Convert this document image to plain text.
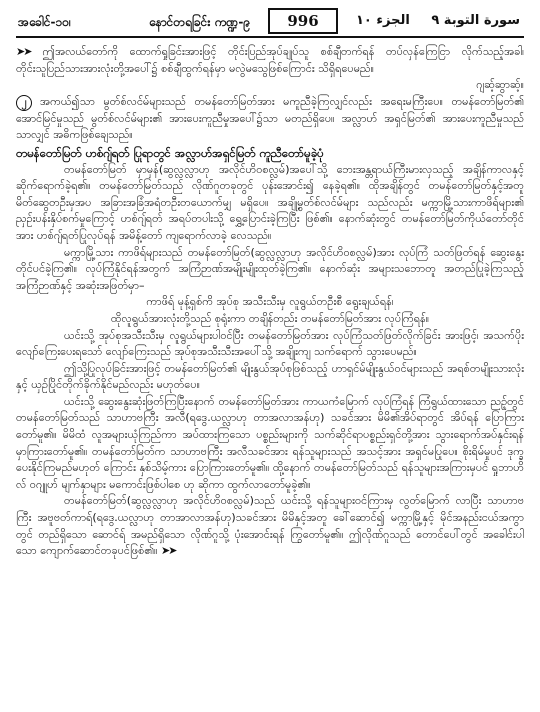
အခေါင်-၁၀၊	နောင်တရခြင်း ကဏ္ဍ-၉	996	الجزء ١٠ سورة التوبة ٩

➤➤ ဤအလယ်တော်ကို ထောက်ရှုခြင်းအားဖြင့် တိုင်းပြည်အုပ်ချုပ်သူ စစ်ချီတက်ရန် တပ်လှန်ကြေငြာ လိုက်သည့်အခါ၊ တိုင်းသူပြည်သားအားလုံးတို့အပေါ်၌ စစ်ချီထွက်ရန်မှာ မလွဲမသွေဖြစ်ကြောင်း သိရှိရပေမည်။

ဂျဆ့်ဆွာဆ့်။

၂ အကယ်၍သာ မွတ်စ်လင်မ်များသည် တမန်တော်မြတ်အား မကူညီခဲ့ကြလျှင်လည်း အရေးမကြီးပေ။ တမန်တော်မြတ်၏ အောင်မြင်မှုသည် မွတ်စ်လင်မ်များ၏ အားပေးကူညီမှုအပေါ်၌သာ မတည်ရှိပေ။ အလ္လာဟ် အရှင်မြတ်၏ အားပေးကူညီမှုသည်သာလျှင် အဓိကဖြစ်ချေသည်။

တမန်တော်မြတ် ဟစ်ဂျ်ရတ် ပြုရာတွင် အလ္လာဟ်အရှင်မြတ် ကူညီတော်မူခဲ့ပုံ

တမန်တော်မြတ် မှာမှန်(ဆွလ္လလ္လာဟု အလိုင်ဟိဝစလ္လမ်)အပေါ်သို့ ဘေးအန္တရာယ်ကြီးမားလှသည့် အချိန်ကာလနှင့် ဆိုက်ရောက်ခဲ့ရ၏။ တမန်တော်မြတ်သည် လိုဏ်ဂူတခုတွင် ပုန်းအောင်း၍ နေခဲ့ရ၏။ ထိုအချိန်တွင် တမန်တော်မြတ်နှင့်အတူ မိတ်ဆွေတဦးမှအပ အခြားအခြံအရံတဦးတယောက်မျှ မရှိပေ။ အချို့မွတ်စ်လင်မ်များ သည်လည်း မက္ကာမြို့သားကာဖိရ်များ၏ ညှဉ်းပန်းနှိပ်စက်မှုကြောင့် ဟစ်ဂျ်ရတ် အရပ်တပါးသို့ ရွှေ့ပြောင်းခဲ့ကြပြီး ဖြစ်၏။ နောက်ဆုံးတွင် တမန်တော်မြတ်ကိုယ်တော်တိုင်အား ဟစ်ဂျ်ရတ်ပြုလုပ်ရန် အမိန့်တော် ကျရောက်လာခဲ့ လေသည်။

မက္ကာမြို့သား ကာဖိရ်များသည် တမန်တော်မြတ်(ဆွလ္လလ္လာဟု အလိုင်ဟိဝစလ္လမ်)အား လုပ်ကြံ သတ်ဖြတ်ရန် ဆွေးနွေးတိုင်ပင်ခဲ့ကြ၏။ လုပ်ကြံနိုင်ရန်အတွက် အကြံဉာဏ်အမျိုးမျိုးထုတ်ခဲ့ကြ၏။ နောက်ဆုံး အများသဘောတူ အတည်ပြုခဲ့ကြသည့် အကြံဉာဏ်နှင့် အဆုံးအဖြတ်မှာ–

ကာဖိရ် မုန့်ရှစ်ကိ အုပ်စု အသီးသီးမှ လူရွယ်တဦးစီ ရွေးချယ်ရန်၊

ထိုလူရွယ်အားလုံးတို့သည် စုရုံးကာ တချိန်တည်း တမန်တော်မြတ်အား လုပ်ကြံရန်။

ယင်းသို့ အုပ်စုအသီးသီးမှ လူရွယ်များပါဝင်ပြီး တမန်တော်မြတ်အား လုပ်ကြံသတ်ဖြတ်လိုက်ခြင်း အားဖြင့်၊ အသက်ပိုးလျော်ကြေးပေးရသော် လျော်ကြေးသည် အုပ်စုအသီးသီးအပေါ်သို့ အချိုးကျ သက်ရောက် သွားပေမည်။

ဤသို့ပြုလုပ်ခြင်းအားဖြင့် တမန်တော်မြတ်၏ မျိုးနွယ်အုပ်စုဖြစ်သည့် ဟာရှင်မ်မျိုးနွယ်ဝင်များသည် အရစ်တမျိုးသားလုံးနှင့် ယှဉ်ပြိုင်တိုက်ခိုက်နိုင်မည်လည်း မဟုတ်ပေ။

ယင်းသို့ ဆွေးနွေးဆုံးဖြတ်ကြပြီးနောက် တမန်တော်မြတ်အား ကာယကံမြောက် လုပ်ကြံရန် ကြံရွယ်ထားသော ညဥ့်တွင် တမန်တော်မြတ်သည် သာဟာဗကြီး အလီ(ရဒွေ.ယလ္လာဟု တာအလာအန်ဟု) သခင်အား မိမိ၏အိပ်ရာတွင် အိပ်ရန် ပြောကြားတော်မူ၏။ မိမိထံ လူအများယုံကြည်ကာ အပ်ထားကြသော ပစ္စည်းများကို သက်ဆိုင်ရာပစ္စည်းရှင်တို့အား သွားရောက်အပ်နှင်းရန် မှာကြားတော်မူ၏။ တမန်တော်မြတ်က သာဟာဗကြီး အလီသခင်အား ရန်သူများသည် အသင့်အား အရှင်မပြုပေ။ စိုးရိမ်မှုပင် ဒုက္ခပေးနိုင်ကြမည်မဟုတ် ကြောင်း နှစ်သိမ့်ကား ပြောကြားတော်မူ၏။ ထို့နောက် တမန်တော်မြတ်သည် ရန်သူများအကြားမှပင် ရှုဘာဟိလ် ဝဂျူဟ် မျက်နှာများ မကောင်းဖြစ်ပါစေ ဟု ဆိုကာ ထွက်လာတော်မူခဲ့၏။

တမန်တော်မြတ်(ဆွလ္လလ္လာဟု အလိုင်ဟိဝစလ္လမ်)သည် ယင်းသို့ ရန်သူများဝင်ကြားမှ လွတ်မြောက် လာပြီး သာဟာဗကြီး အဗူဗတ်ကာရ်(ရဒွေ.ယလ္လာဟု တာအာလာအန်ဟု)သခင်အား မိမိနှင့်အတူ ခေါ်ဆောင်၍ မက္ကာမြို့နှင့် မိုင်အနည်းငယ်အကွာတွင် တည်ရှိသော ဆောင်ရ် အမည်ရှိသော လိုဏ်ဂူသို့ ပုံးအောင်းရန် ကြွတော်မူ၏။ ဤလိုဏ်ဂူသည် တောင်ပေါ်တွင် အခေါင်းပါသော ကျောက်ဆောင်တခုပင်ဖြစ်၏။ ➤➤
